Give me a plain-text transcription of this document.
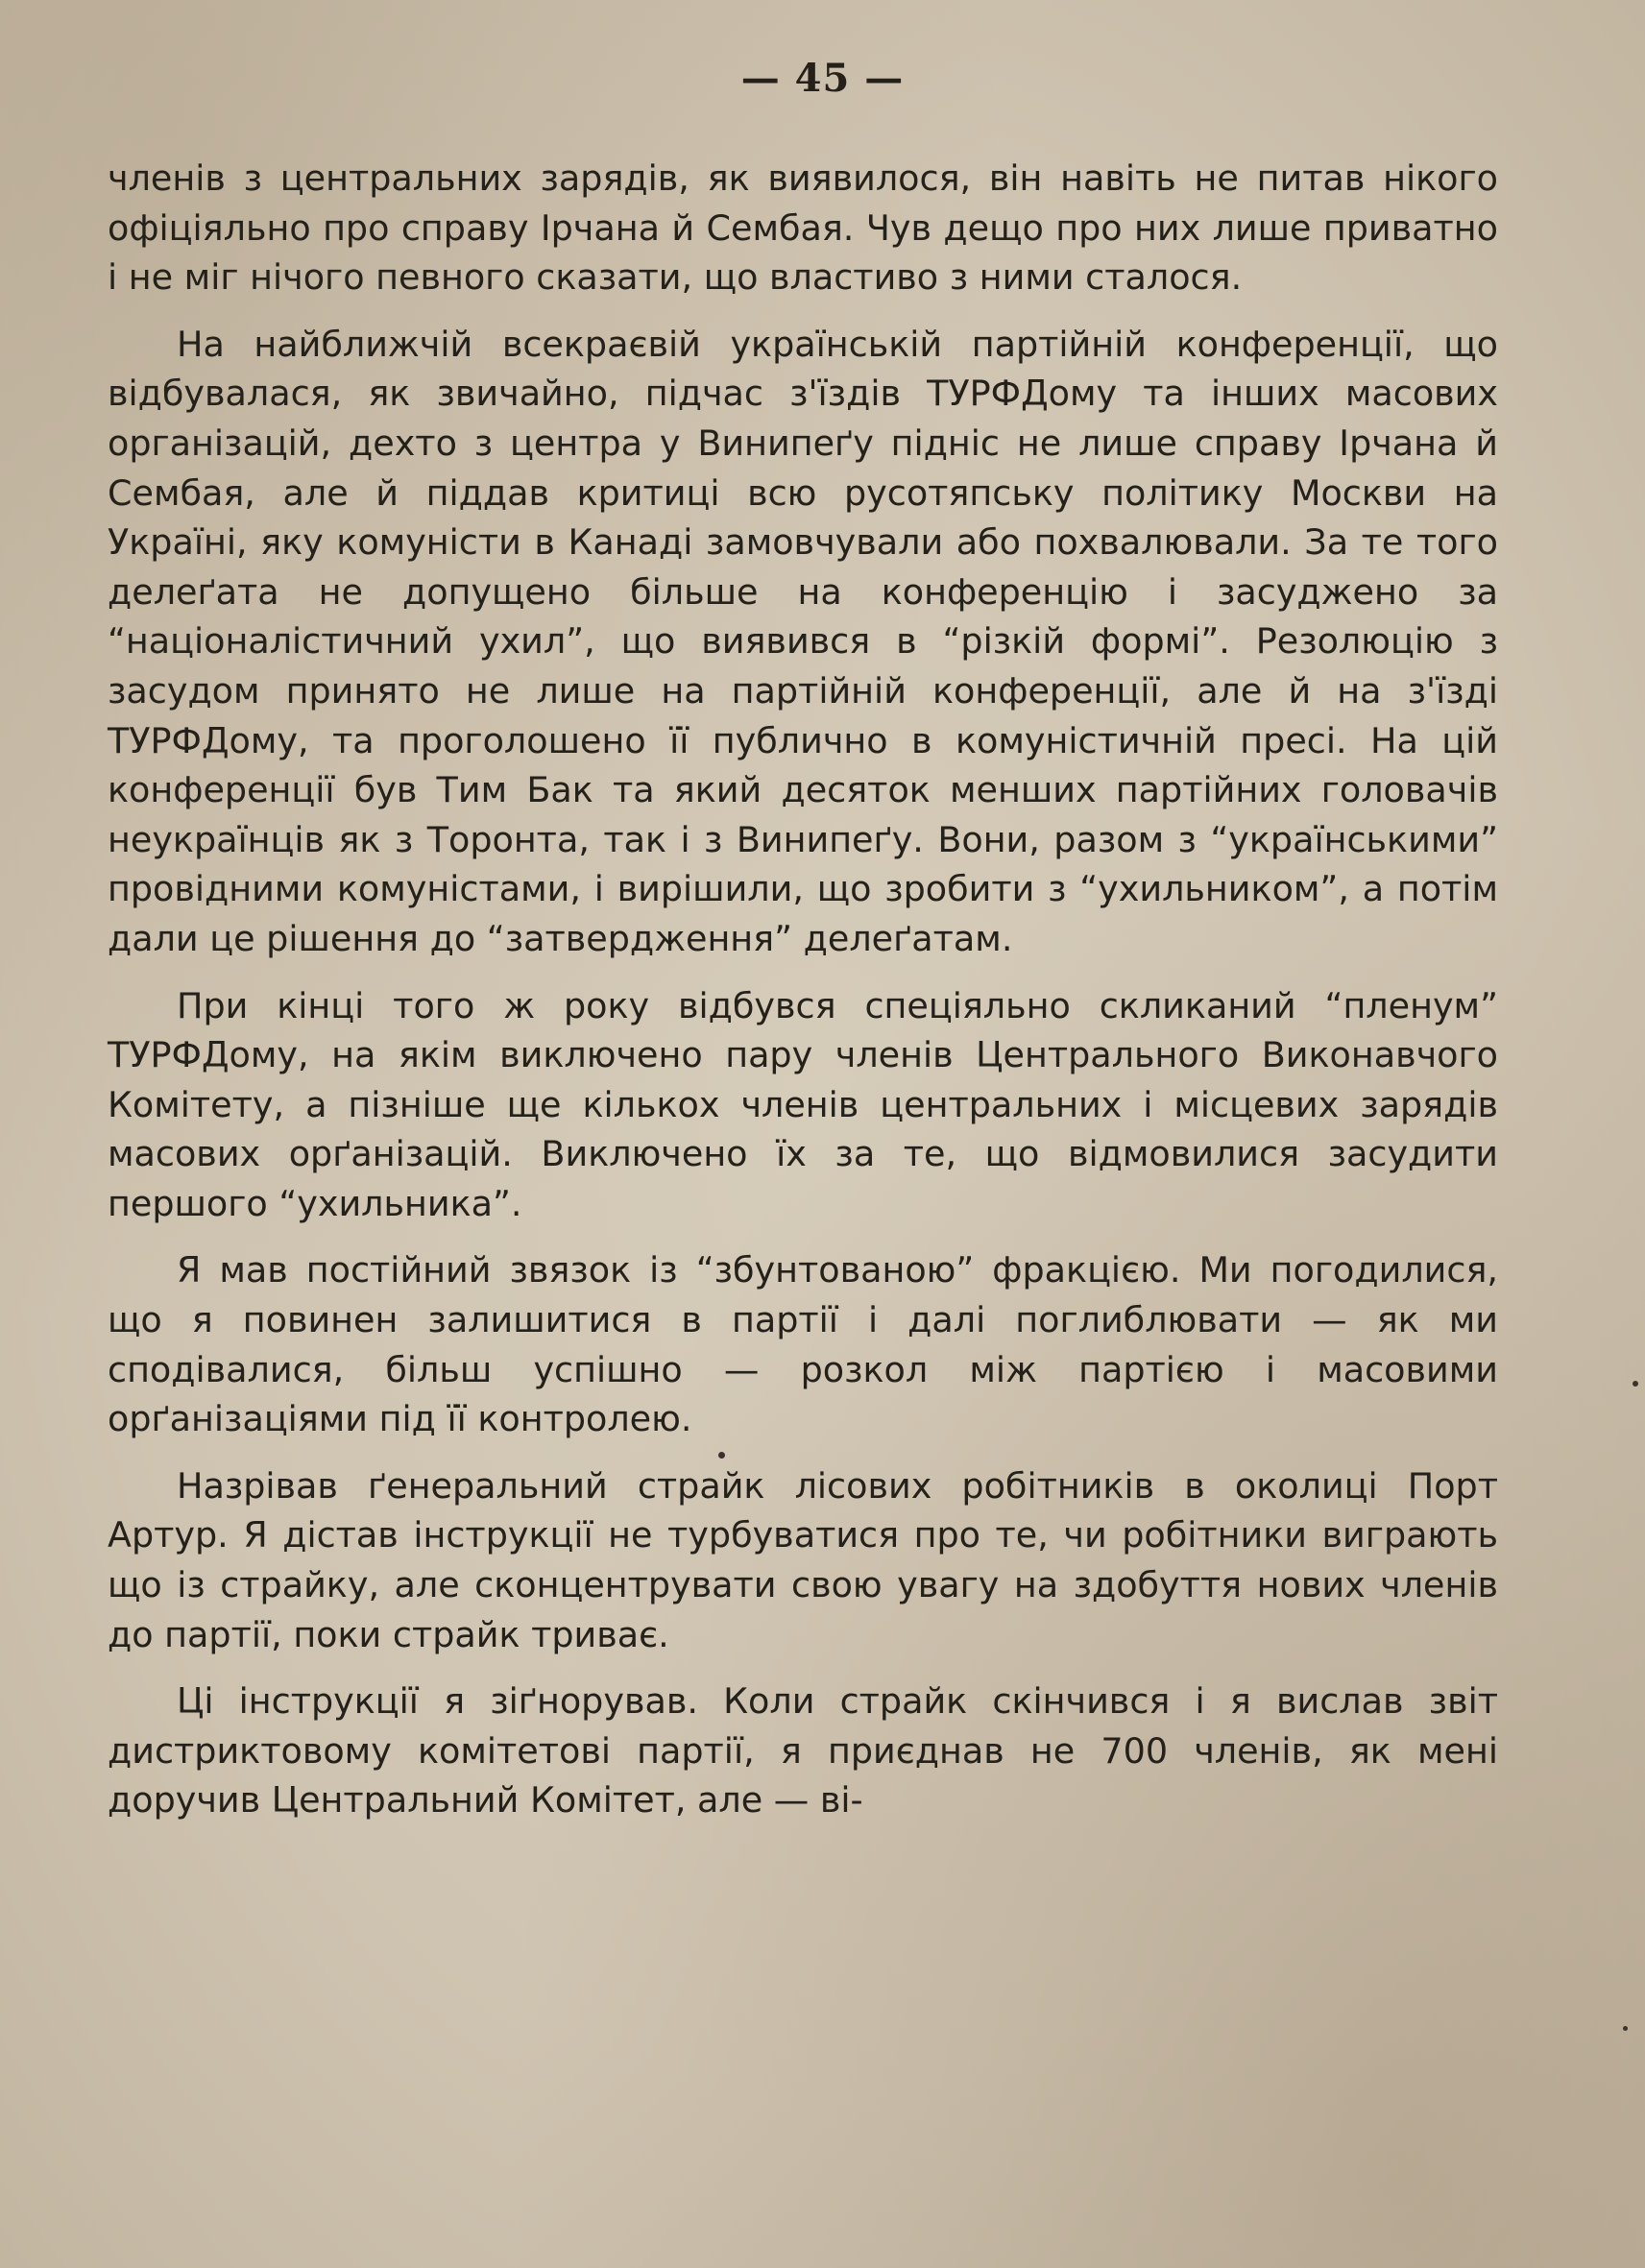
— 45 —

членів з центральних зарядів, як виявилося, він навіть не питав нікого офіціяльно про справу Ірчана й Сембая. Чув дещо про них лише приватно і не міг нічого певного сказати, що властиво з ними сталося.

На найближчій всекраєвій українській партійній конференції, що відбувалася, як звичайно, підчас з'їздів ТУРФДому та інших масових організацій, дехто з центра у Винипеґу підніс не лише справу Ірчана й Сембая, але й піддав критиці всю русотяпську політику Москви на Україні, яку комуністи в Канаді замовчували або похвалювали. За те того делеґата не допущено більше на конференцію і засуджено за “націоналістичний ухил”, що виявився в “різкій формі”. Резолюцію з засудом принято не лише на партійній конференції, але й на з'їзді ТУРФДому, та проголошено її публично в комуністичній пресі. На цій конференції був Тим Бак та який десяток менших партійних головачів неукраїнців як з Торонта, так і з Винипеґу. Вони, разом з “українськими” провідними комуністами, і вирішили, що зробити з “ухильником”, а потім дали це рішення до “затвердження” делеґатам.

При кінці того ж року відбувся спеціяльно скликаний “пленум” ТУРФДому, на якім виключено пару членів Центрального Виконавчого Комітету, а пізніше ще кількох членів центральних і місцевих зарядів масових орґанізацій. Виключено їх за те, що відмовилися засудити першого “ухильника”.

Я мав постійний звязок із “збунтованою” фракцією. Ми погодилися, що я повинен залишитися в партії і далі поглиблювати — як ми сподівалися, більш успішно — розкол між партією і масовими орґанізаціями під її контролею.

Назрівав ґенеральний страйк лісових робітників в околиці Порт Артур. Я дістав інструкції не турбуватися про те, чи робітники виграють що із страйку, але сконцентрувати свою увагу на здобуття нових членів до партії, поки страйк триває.

Ці інструкції я зіґнорував. Коли страйк скінчився і я вислав звіт дистриктовому комітетові партії, я приєднав не 700 членів, як мені доручив Центральний Комітет, але — ві-
